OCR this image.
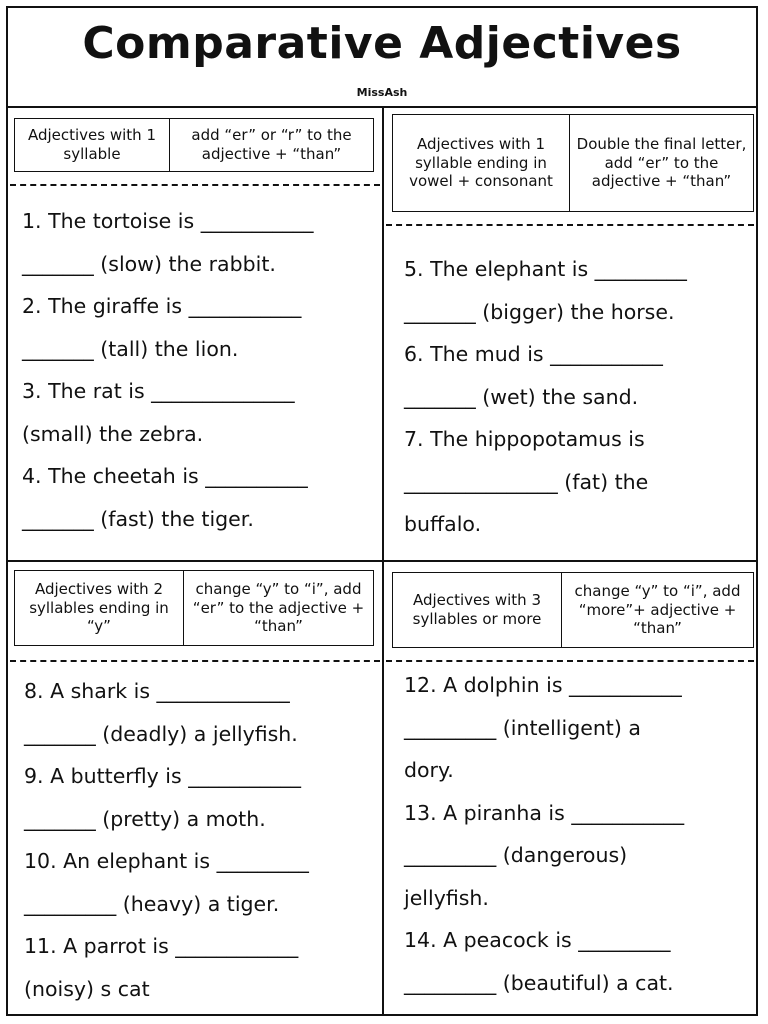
Comparative Adjectives
MissAsh
Adjectives with 1 syllable
add “er” or “r” to the adjective + “than”

1. The tortoise is ___________

_______ (slow) the rabbit.

2. The giraffe is ___________

_______ (tall) the lion.

3. The rat is ______________

(small) the zebra.

4. The cheetah is __________

_______ (fast) the tiger.

Adjectives with 1 syllable ending in vowel + consonant
Double the final letter, add “er” to the adjective + “than”

5. The elephant is _________

_______ (bigger) the horse.

6. The mud is ___________

_______ (wet) the sand.

7. The hippopotamus is

_______________ (fat) the

buffalo.

Adjectives with 2 syllables ending in “y”
change “y” to “i”, add “er” to the adjective + “than”

8. A shark is _____________

_______ (deadly) a jellyfish.

9. A butterfly is ___________

_______ (pretty) a moth.

10. An elephant is _________

_________ (heavy) a tiger.

11. A parrot is ____________

(noisy) s cat

Adjectives with 3 syllables or more
change “y” to “i”, add “more”+ adjective + “than”

12. A dolphin is ___________

_________ (intelligent) a

dory.

13. A piranha is ___________

_________ (dangerous)

jellyfish.

14. A peacock is _________

_________ (beautiful) a cat.
